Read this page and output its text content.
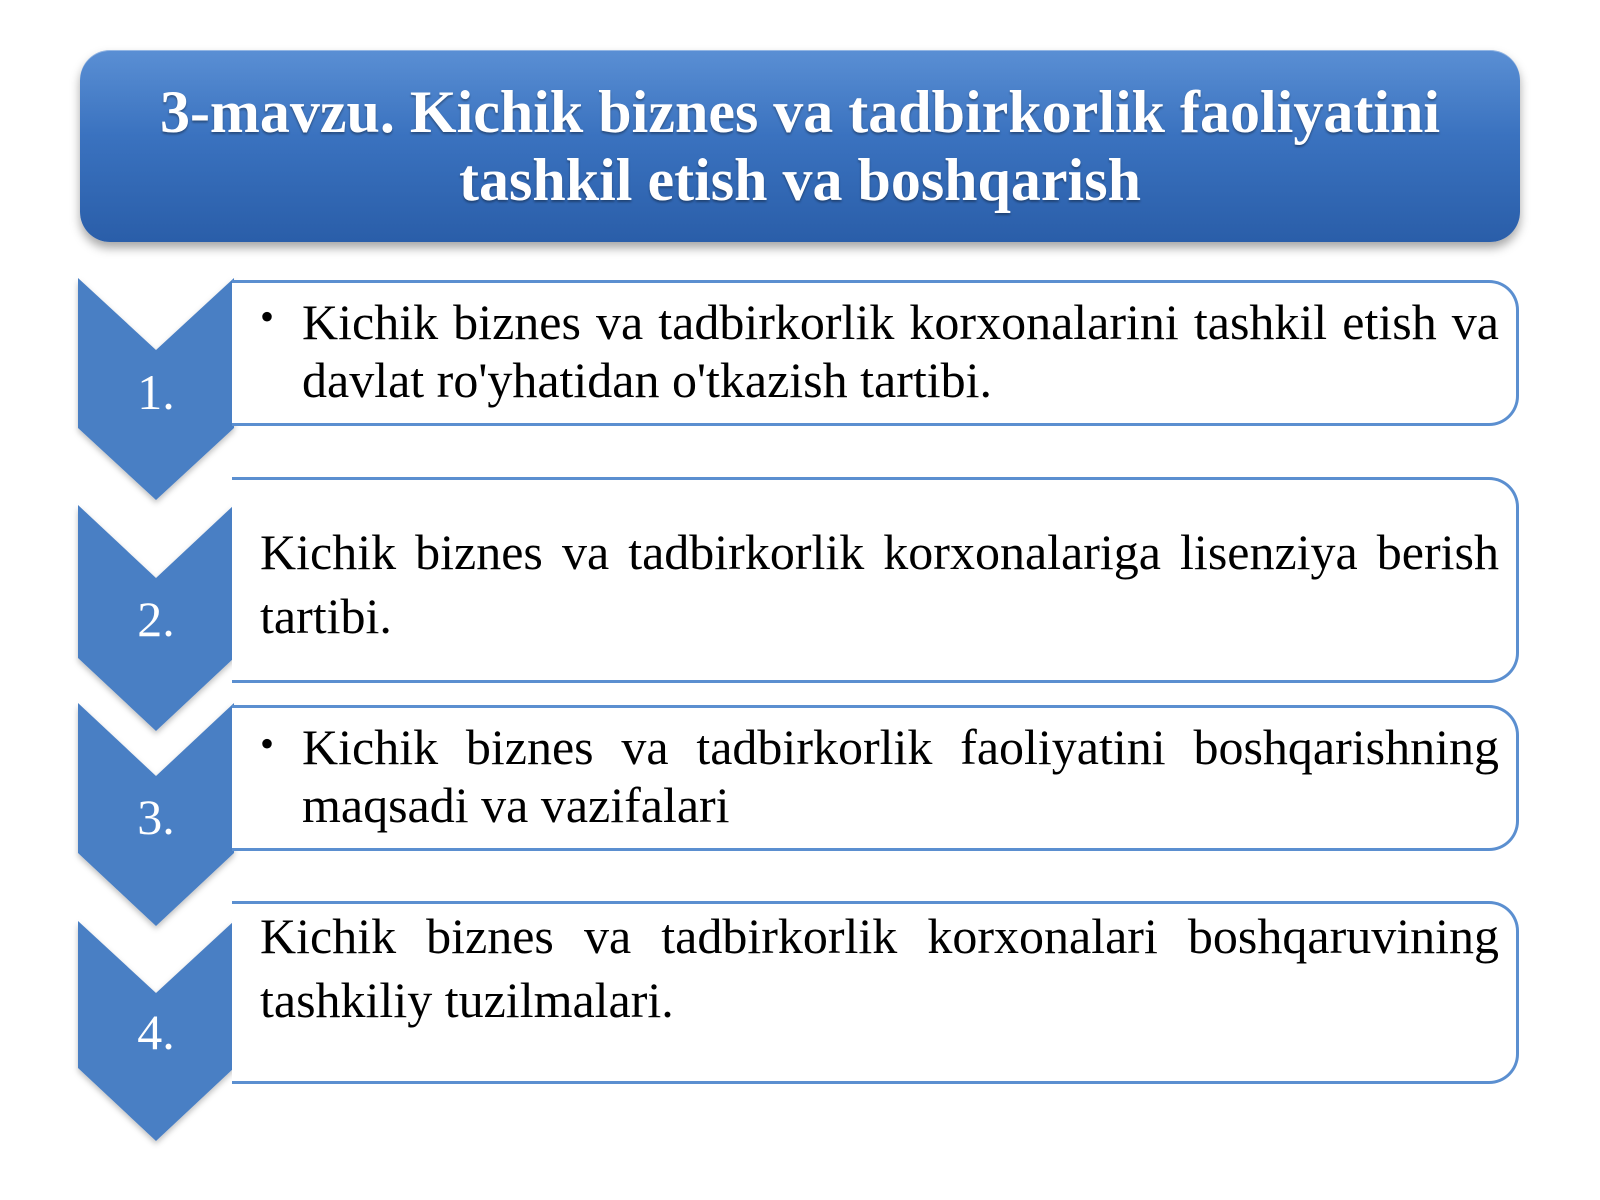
3-mavzu. Kichik biznes va tadbirkorlik faoliyatini tashkil etish va boshqarish
1.
2.
3.
4.
• Kichik biznes va tadbirkorlik korxonalarini tashkil etish va davlat ro'yhatidan o'tkazish tartibi.
Kichik biznes va tadbirkorlik korxonalariga lisenziya berish tartibi.
• Kichik biznes va tadbirkorlik faoliyatini boshqarishning maqsadi va vazifalari
Kichik biznes va tadbirkorlik korxonalari boshqaruvining tashkiliy tuzilmalari.
